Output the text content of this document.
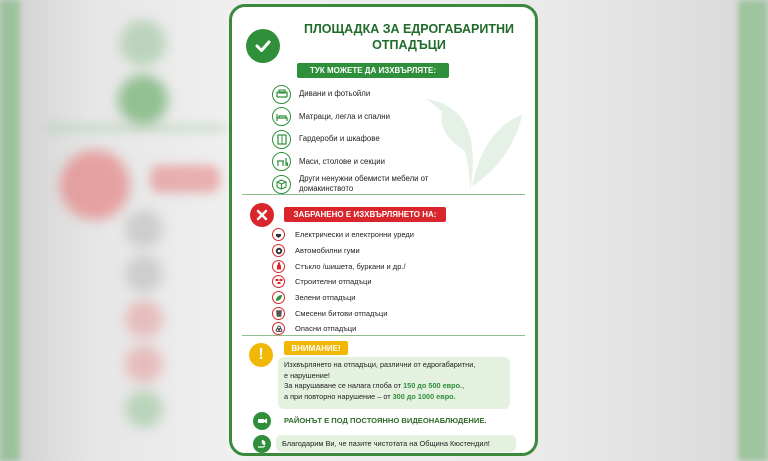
ПЛОЩАДКА ЗА ЕДРОГАБАРИТНИ
ОТПАДЪЦИ
ТУК МОЖЕТЕ ДА ИЗХВЪРЛЯТЕ:
Дивани и фотьойли
Матраци, легла и спални
Гардероби и шкафове
Маси, столове и секции
Други ненужни обемисти мебели от
домакинството
ЗАБРАНЕНО Е ИЗХВЪРЛЯНЕТО НА:
Електрически и електронни уреди
Автомобилни гуми
Стъкло /шишета, буркани и др./
Строителни отпадъци
Зелени отпадъци
Смесени битови отпадъци
Опасни отпадъци
!	ВНИМАНИЕ!
Изхвърлянето на отпадъци, различни от едрогабаритни,
е нарушение!
За нарушаване се налага глоба от 150 до 500 евро.,
а при повторно нарушение – от 300 до 1000 евро.
РАЙОНЪТ Е ПОД ПОСТОЯННО ВИДЕОНАБЛЮДЕНИЕ.
Благодарим Ви, че пазите чистотата на Община Кюстендил!
